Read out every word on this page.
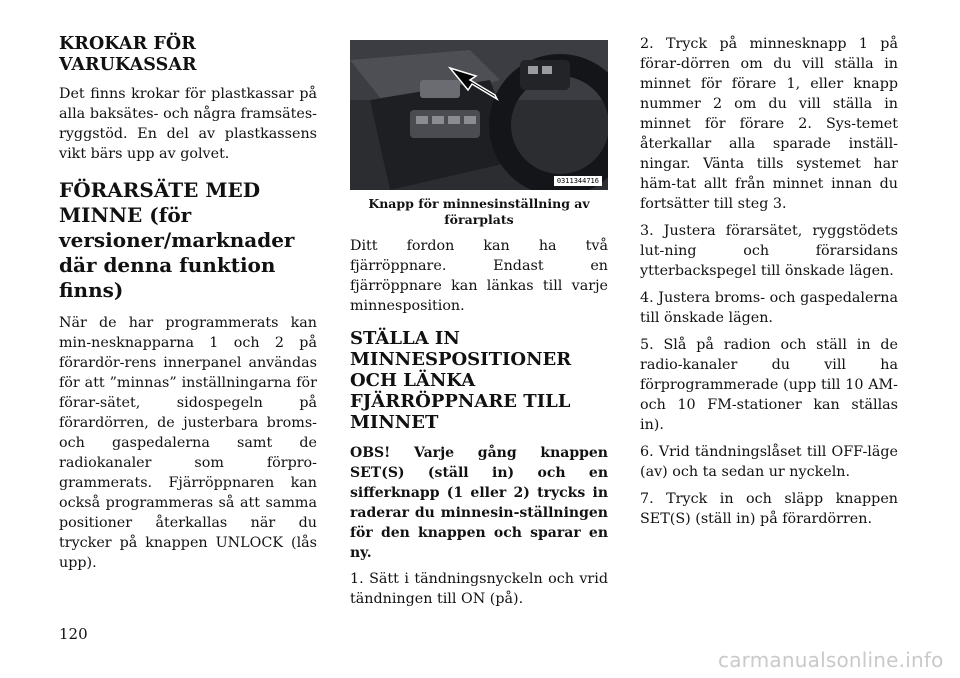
KROKAR FÖR VARUKASSAR

Det finns krokar för plastkassar på alla baksätes- och några framsätes-ryggstöd. En del av plastkassens vikt bärs upp av golvet.

FÖRARSÄTE MED MINNE (för versioner/marknader där denna funktion finns)

När de har programmerats kan min-nesknapparna 1 och 2 på förardör-rens innerpanel användas för att ”minnas” inställningarna för förar-sätet, sidospegeln på förardörren, de justerbara broms- och gaspedalerna samt de radiokanaler som förpro-grammerats. Fjärröppnaren kan också programmeras så att samma positioner återkallas när du trycker på knappen UNLOCK (lås upp).

0311344716
Knapp för minnesinställning av förarplats

Ditt fordon kan ha två fjärröppnare. Endast en fjärröppnare kan länkas till varje minnesposition.

STÄLLA IN MINNESPOSITIONER OCH LÄNKA FJÄRRÖPPNARE TILL MINNET

OBS! Varje gång knappen SET(S) (ställ in) och en sifferknapp (1 eller 2) trycks in raderar du minnesin-ställningen för den knappen och sparar en ny.

1. Sätt i tändningsnyckeln och vrid tändningen till ON (på).

2. Tryck på minnesknapp 1 på förar-dörren om du vill ställa in minnet för förare 1, eller knapp nummer 2 om du vill ställa in minnet för förare 2. Sys-temet återkallar alla sparade inställ-ningar. Vänta tills systemet har häm-tat allt från minnet innan du fortsätter till steg 3.

3. Justera förarsätet, ryggstödets lut-ning och förarsidans ytterbackspegel till önskade lägen.

4. Justera broms- och gaspedalerna till önskade lägen.

5. Slå på radion och ställ in de radio-kanaler du vill ha förprogrammerade (upp till 10 AM- och 10 FM-stationer kan ställas in).

6. Vrid tändningslåset till OFF-läge (av) och ta sedan ur nyckeln.

7. Tryck in och släpp knappen SET(S) (ställ in) på förardörren.

120
carmanualsonline.info
